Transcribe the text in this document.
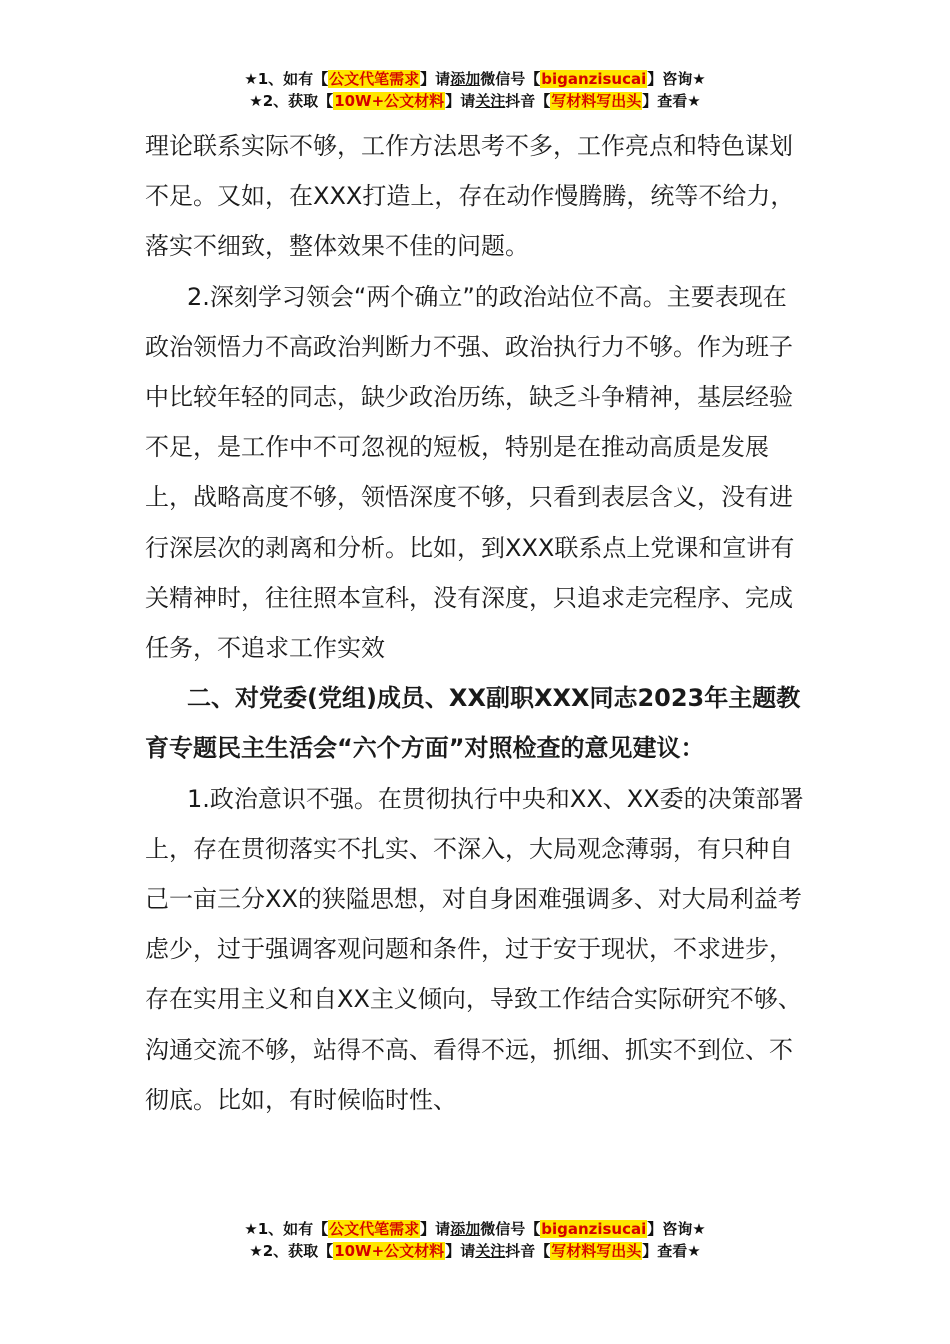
★1、如有【公文代笔需求】请添加微信号【biganzisucai】咨询★
★2、获取【10W+公文材料】请关注抖音【写材料写出头】查看★

理论联系实际不够，工作方法思考不多，工作亮点和特色谋划不足。又如，在XXX打造上，存在动作慢腾腾，统等不给力，落实不细致，整体效果不佳的问题。

2.深刻学习领会“两个确立”的政治站位不高。主要表现在政治领悟力不高政治判断力不强、政治执行力不够。作为班子中比较年轻的同志，缺少政治历练，缺乏斗争精神，基层经验不足，是工作中不可忽视的短板，特别是在推动高质是发展上，战略高度不够，领悟深度不够，只看到表层含义，没有进行深层次的剥离和分析。比如，到XXX联系点上党课和宣讲有关精神时，往往照本宣科，没有深度，只追求走完程序、完成任务，不追求工作实效

二、对党委(党组)成员、XX副职XXX同志2023年主题教育专题民主生活会“六个方面”对照检查的意见建议：

1.政治意识不强。在贯彻执行中央和XX、XX委的决策部署上，存在贯彻落实不扎实、不深入，大局观念薄弱，有只种自己一亩三分XX的狭隘思想，对自身困难强调多、对大局利益考虑少，过于强调客观问题和条件，过于安于现状，不求进步，存在实用主义和自XX主义倾向，导致工作结合实际研究不够、沟通交流不够，站得不高、看得不远，抓细、抓实不到位、不彻底。比如，有时候临时性、

★1、如有【公文代笔需求】请添加微信号【biganzisucai】咨询★
★2、获取【10W+公文材料】请关注抖音【写材料写出头】查看★
